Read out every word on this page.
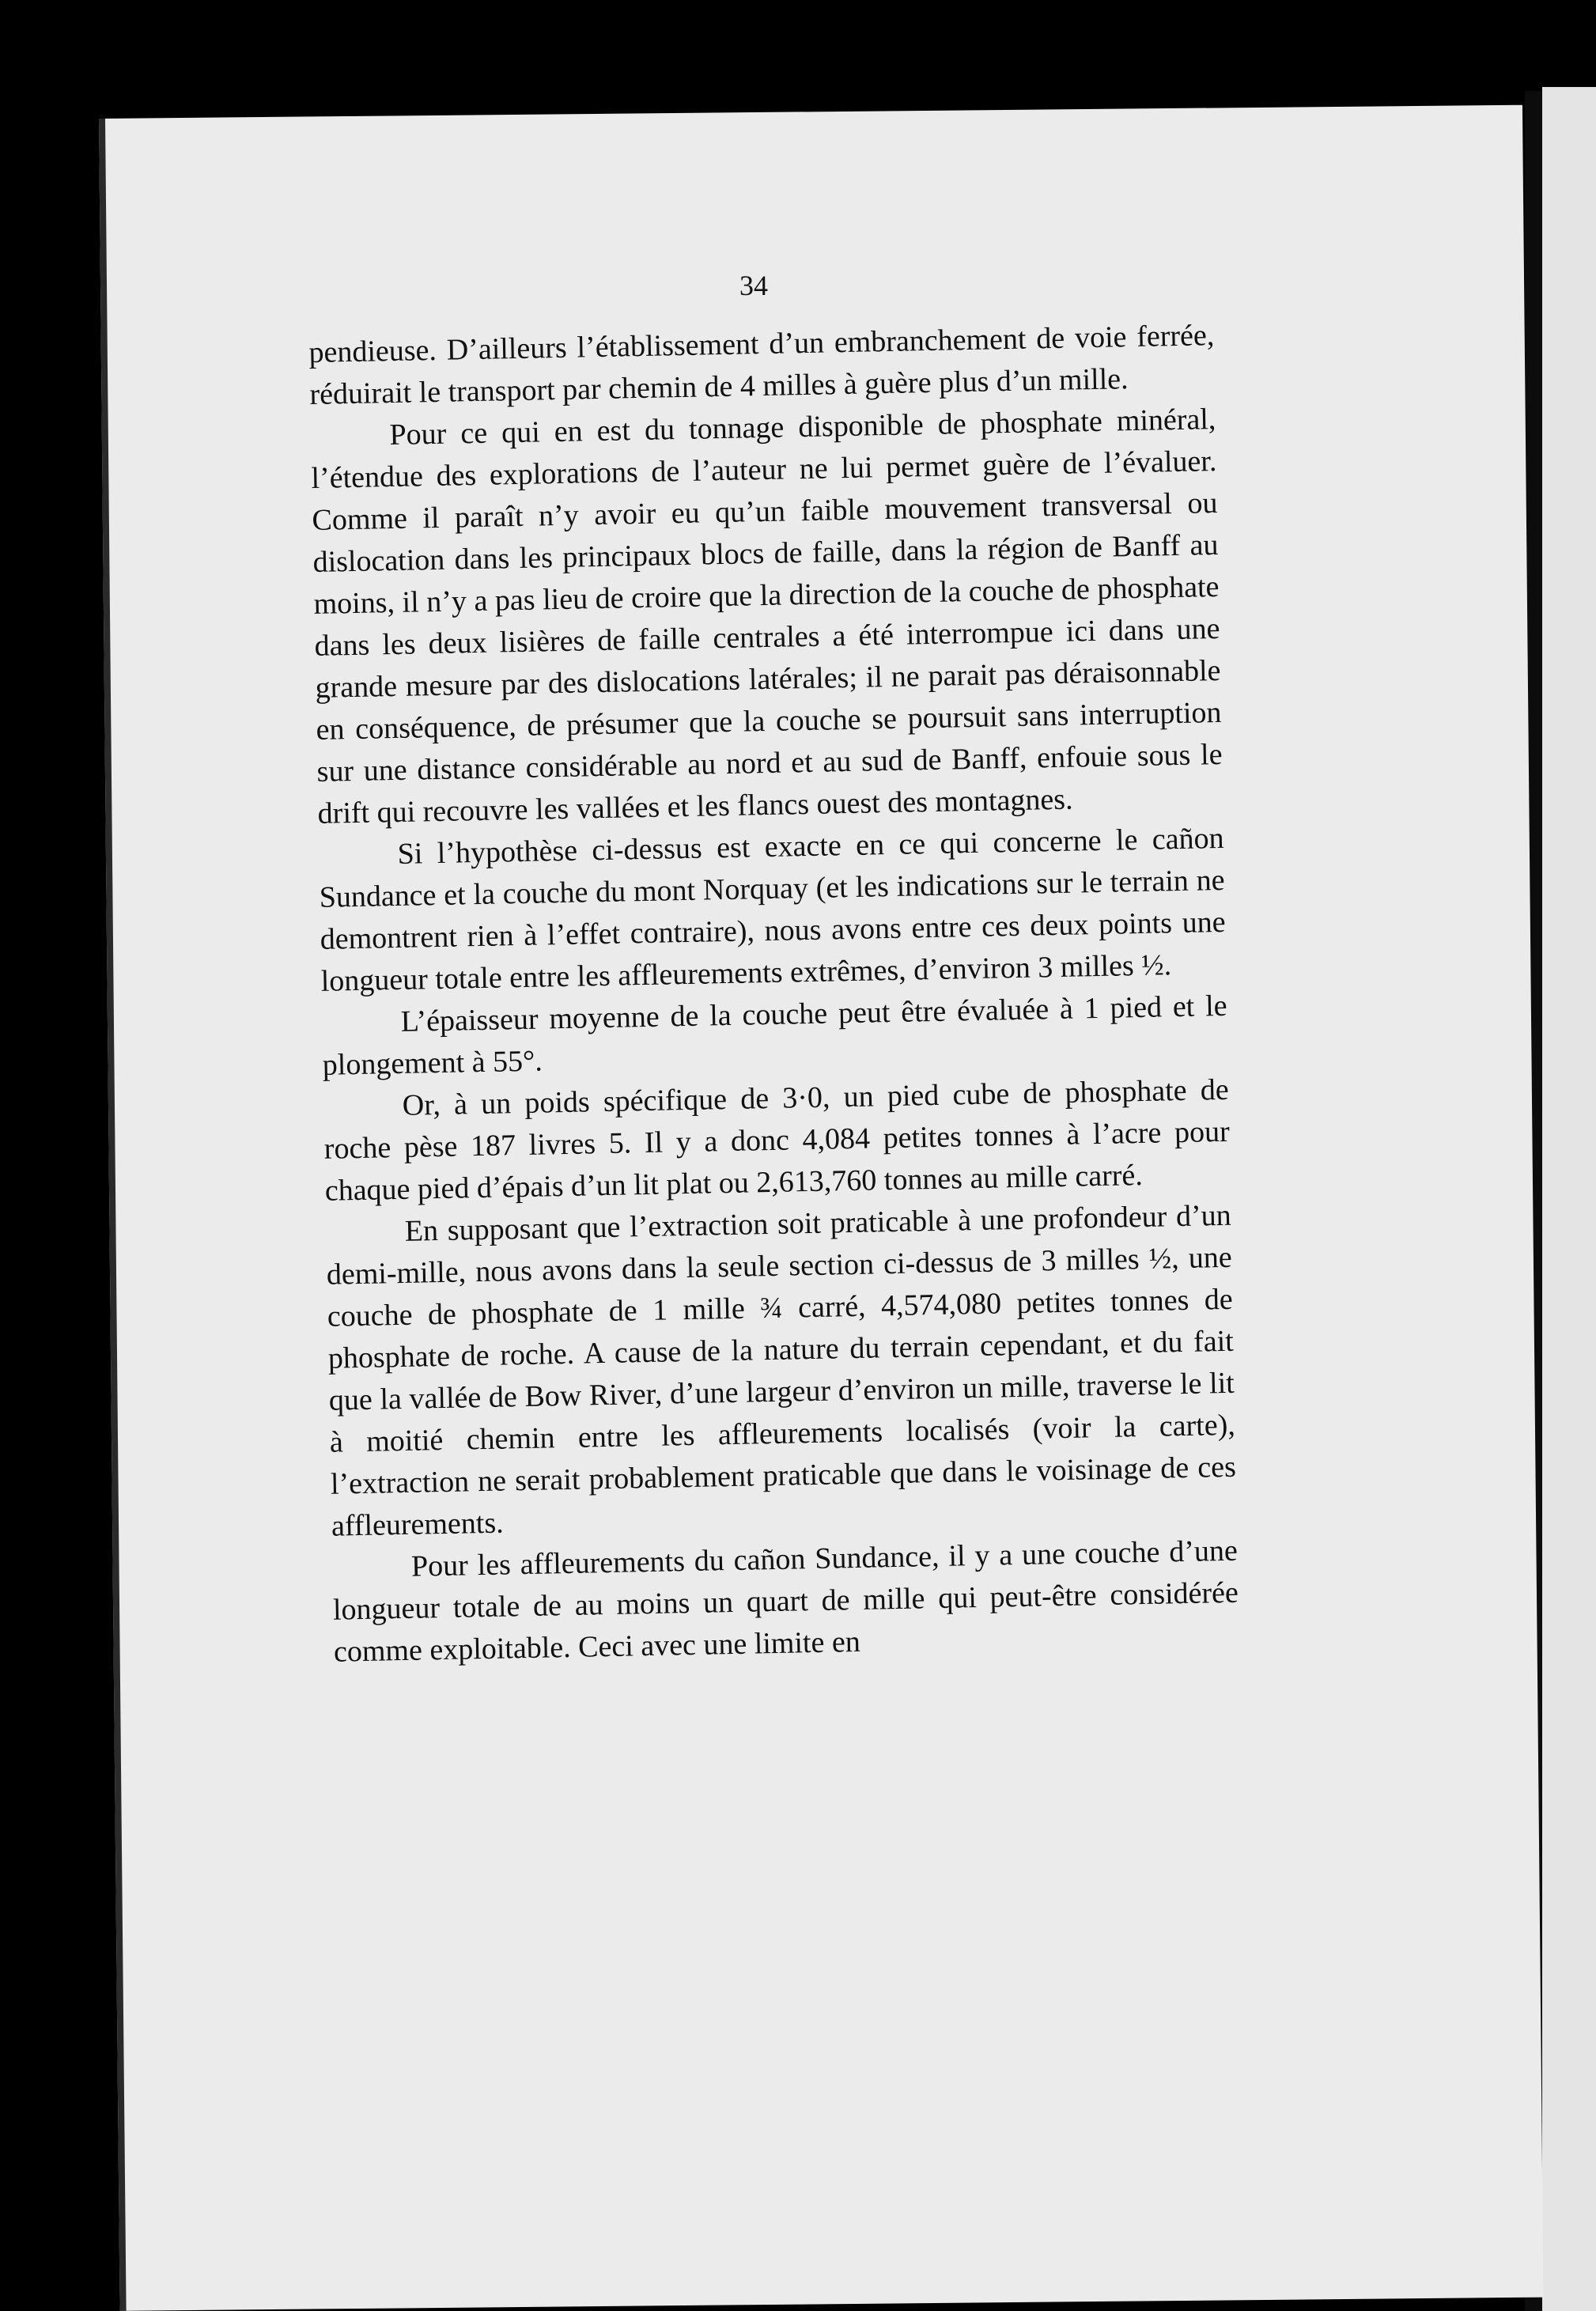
34

pendieuse. D’ailleurs l’établissement d’un embranchement de voie ferrée, réduirait le transport par chemin de 4 milles à guère plus d’un mille.

Pour ce qui en est du tonnage disponible de phosphate minéral, l’étendue des explorations de l’auteur ne lui permet guère de l’évaluer. Comme il paraît n’y avoir eu qu’un faible mouvement transversal ou dislocation dans les principaux blocs de faille, dans la région de Banff au moins, il n’y a pas lieu de croire que la direction de la couche de phosphate dans les deux lisières de faille centrales a été interrompue ici dans une grande mesure par des dislocations latérales; il ne parait pas déraisonnable en conséquence, de présumer que la couche se poursuit sans interruption sur une distance considérable au nord et au sud de Banff, enfouie sous le drift qui recouvre les vallées et les flancs ouest des montagnes.

Si l’hypothèse ci-dessus est exacte en ce qui concerne le cañon Sundance et la couche du mont Norquay (et les indications sur le terrain ne demontrent rien à l’effet contraire), nous avons entre ces deux points une longueur totale entre les affleurements extrêmes, d’environ 3 milles ½.

L’épaisseur moyenne de la couche peut être évaluée à 1 pied et le plongement à 55°.

Or, à un poids spécifique de 3·0, un pied cube de phosphate de roche pèse 187 livres 5. Il y a donc 4,084 petites tonnes à l’acre pour chaque pied d’épais d’un lit plat ou 2,613,760 tonnes au mille carré.

En supposant que l’extraction soit praticable à une profondeur d’un demi-mille, nous avons dans la seule section ci-dessus de 3 milles ½, une couche de phosphate de 1 mille ¾ carré, 4,574,080 petites tonnes de phosphate de roche. A cause de la nature du terrain cependant, et du fait que la vallée de Bow River, d’une largeur d’environ un mille, traverse le lit à moitié chemin entre les affleurements localisés (voir la carte), l’extraction ne serait probablement praticable que dans le voisinage de ces affleurements.

Pour les affleurements du cañon Sundance, il y a une couche d’une longueur totale de au moins un quart de mille qui peut-être considérée comme exploitable. Ceci avec une limite en
